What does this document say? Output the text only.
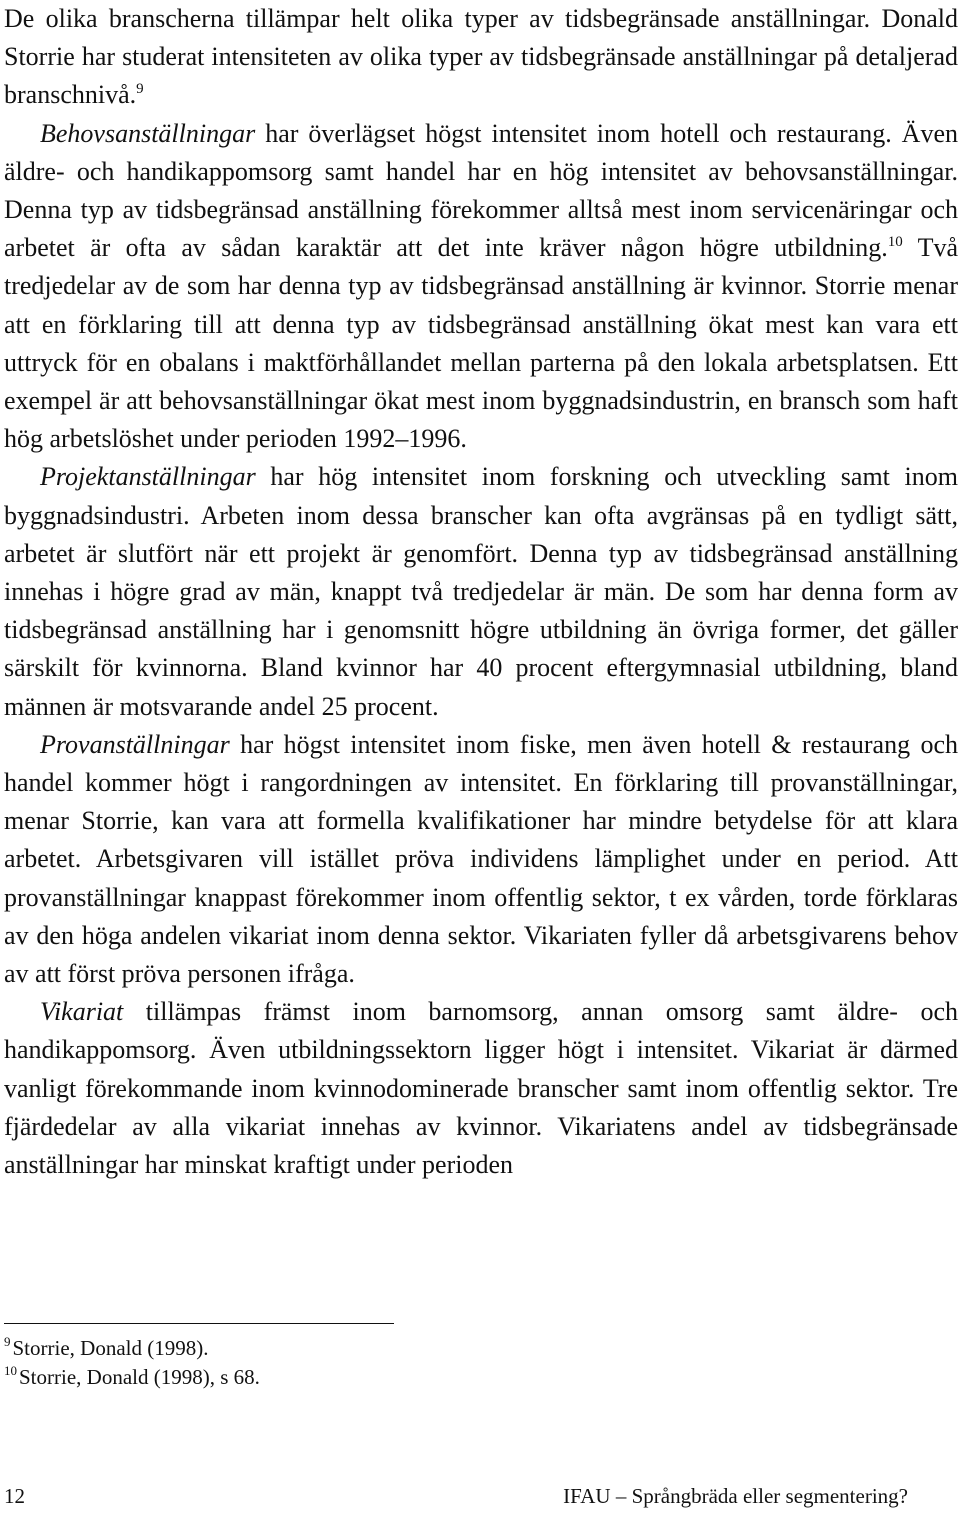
De olika branscherna tillämpar helt olika typer av tidsbegränsade anställningar. Donald Storrie har studerat intensiteten av olika typer av tidsbegränsade anställningar på detaljerad branschnivå.$^9$

Behovsanställningar har överlägset högst intensitet inom hotell och restaurang. Även äldre- och handikappomsorg samt handel har en hög intensitet av behovsanställningar. Denna typ av tidsbegränsad anställning förekommer alltså mest inom servicenäringar och arbetet är ofta av sådan karaktär att det inte kräver någon högre utbildning.$^{10}$ Två tredjedelar av de som har denna typ av tidsbegränsad anställning är kvinnor. Storrie menar att en förklaring till att denna typ av tidsbegränsad anställning ökat mest kan vara ett uttryck för en obalans i maktförhållandet mellan parterna på den lokala arbetsplatsen. Ett exempel är att behovsanställningar ökat mest inom byggnadsindustrin, en bransch som haft hög arbetslöshet under perioden 1992–1996.

Projektanställningar har hög intensitet inom forskning och utveckling samt inom byggnadsindustri. Arbeten inom dessa branscher kan ofta avgränsas på en tydligt sätt, arbetet är slutfört när ett projekt är genomfört. Denna typ av tidsbegränsad anställning innehas i högre grad av män, knappt två tredjedelar är män. De som har denna form av tidsbegränsad anställning har i genomsnitt högre utbildning än övriga former, det gäller särskilt för kvinnorna. Bland kvinnor har 40 procent eftergymnasial utbildning, bland männen är motsvarande andel 25 procent.

Provanställningar har högst intensitet inom fiske, men även hotell & restaurang och handel kommer högt i rangordningen av intensitet. En förklaring till provanställningar, menar Storrie, kan vara att formella kvalifikationer har mindre betydelse för att klara arbetet. Arbetsgivaren vill istället pröva individens lämplighet under en period. Att provanställningar knappast förekommer inom offentlig sektor, t ex vården, torde förklaras av den höga andelen vikariat inom denna sektor. Vikariaten fyller då arbetsgivarens behov av att först pröva personen ifråga.

Vikariat tillämpas främst inom barnomsorg, annan omsorg samt äldre- och handikappomsorg. Även utbildningssektorn ligger högt i intensitet. Vikariat är därmed vanligt förekommande inom kvinnodominerade branscher samt inom offentlig sektor. Tre fjärdedelar av alla vikariat innehas av kvinnor. Vikariatens andel av tidsbegränsade anställningar har minskat kraftigt under perioden

$^9$Storrie, Donald (1998).

$^{10}$Storrie, Donald (1998), s 68.

12	IFAU – Språngbräda eller segmentering?
